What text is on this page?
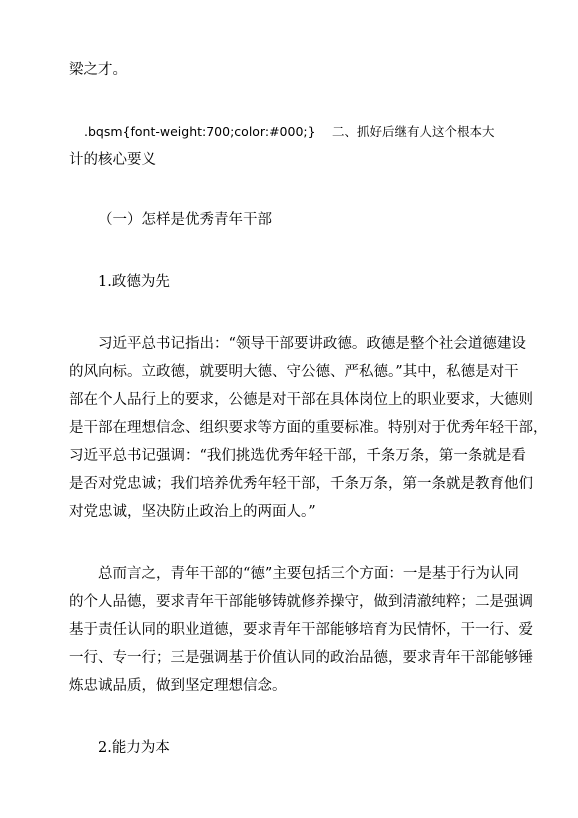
梁之才。
.bqsm{font-weight:700;color:#000;}　 二、抓好后继有人这个根本大
计的核心要义
（一）怎样是优秀青年干部
1.政德为先
习近平总书记指出：“领导干部要讲政德。政德是整个社会道德建设
的风向标。立政德，就要明大德、守公德、严私德。”其中，私德是对干
部在个人品行上的要求，公德是对干部在具体岗位上的职业要求，大德则
是干部在理想信念、组织要求等方面的重要标准。特别对于优秀年轻干部，
习近平总书记强调：“我们挑选优秀年轻干部，千条万条，第一条就是看
是否对党忠诚；我们培养优秀年轻干部，千条万条，第一条就是教育他们
对党忠诚，坚决防止政治上的两面人。”
总而言之，青年干部的“德”主要包括三个方面：一是基于行为认同
的个人品德，要求青年干部能够铸就修养操守，做到清澈纯粹；二是强调
基于责任认同的职业道德，要求青年干部能够培育为民情怀，干一行、爱
一行、专一行；三是强调基于价值认同的政治品德，要求青年干部能够锤
炼忠诚品质，做到坚定理想信念。
2.能力为本
